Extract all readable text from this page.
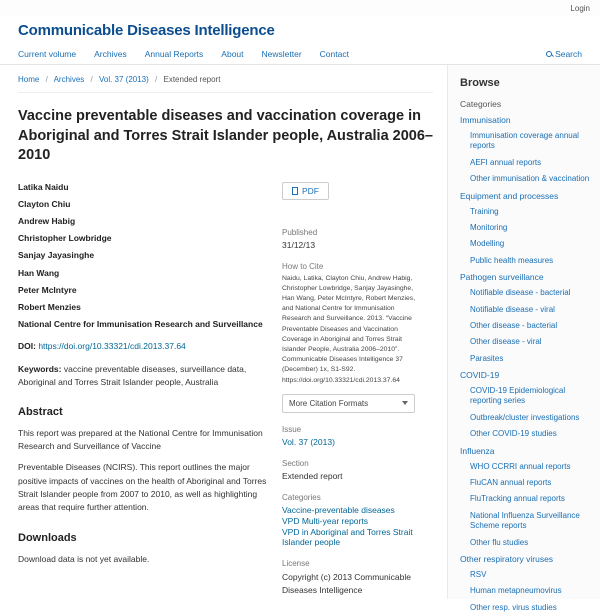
Login
Communicable Diseases Intelligence
Current volume Archives Annual Reports About Newsletter Contact	Search
Home / Archives / Vol. 37 (2013) / Extended report
Vaccine preventable diseases and vaccination coverage in Aboriginal and Torres Strait Islander people, Australia 2006–2010
Latika Naidu
Clayton Chiu
Andrew Habig
Christopher Lowbridge
Sanjay Jayasinghe
Han Wang
Peter McIntyre
Robert Menzies
National Centre for Immunisation Research and Surveillance
DOI: https://doi.org/10.33321/cdi.2013.37.64
Keywords: vaccine preventable diseases, surveillance data, Aboriginal and Torres Strait Islander people, Australia
Abstract

This report was prepared at the National Centre for Immunisation Research and Surveillance of Vaccine

Preventable Diseases (NCIRS). This report outlines the major positive impacts of vaccines on the health of Aboriginal and Torres Strait Islander people from 2007 to 2010, as well as highlighting areas that require further attention.

Downloads

Download data is not yet available.

PDF
Published
31/12/13
How to Cite
Naidu, Latika, Clayton Chiu, Andrew Habig, Christopher Lowbridge, Sanjay Jayasinghe, Han Wang, Peter McIntyre, Robert Menzies, and National Centre for Immunisation Research and Surveillance. 2013. “Vaccine Preventable Diseases and Vaccination Coverage in Aboriginal and Torres Strait Islander People, Australia 2006–2010”. Communicable Diseases Intelligence 37 (December) 1x, S1-S92. https://doi.org/10.33321/cdi.2013.37.64
More Citation Formats
Issue
Vol. 37 (2013)
Section
Extended report
Categories
Vaccine-preventable diseases
VPD Multi-year reports
VPD in Aboriginal and Torres Strait Islander people
License
Copyright (c) 2013 Communicable Diseases Intelligence
Browse
Categories
Immunisation
Immunisation coverage annual reports
AEFI annual reports
Other immunisation & vaccination
Equipment and processes
Training
Monitoring
Modelling
Public health measures
Pathogen surveillance
Notifiable disease - bacterial
Notifiable disease - viral
Other disease - bacterial
Other disease - viral
Parasites
COVID-19
COVID-19 Epidemiological reporting series
Outbreak/cluster investigations
Other COVID-19 studies
Influenza
WHO CCRRI annual reports
FluCAN annual reports
FluTracking annual reports
National Influenza Surveillance Scheme reports
Other flu studies
Other respiratory viruses
RSV
Human metapneumovirus
Other resp. virus studies
